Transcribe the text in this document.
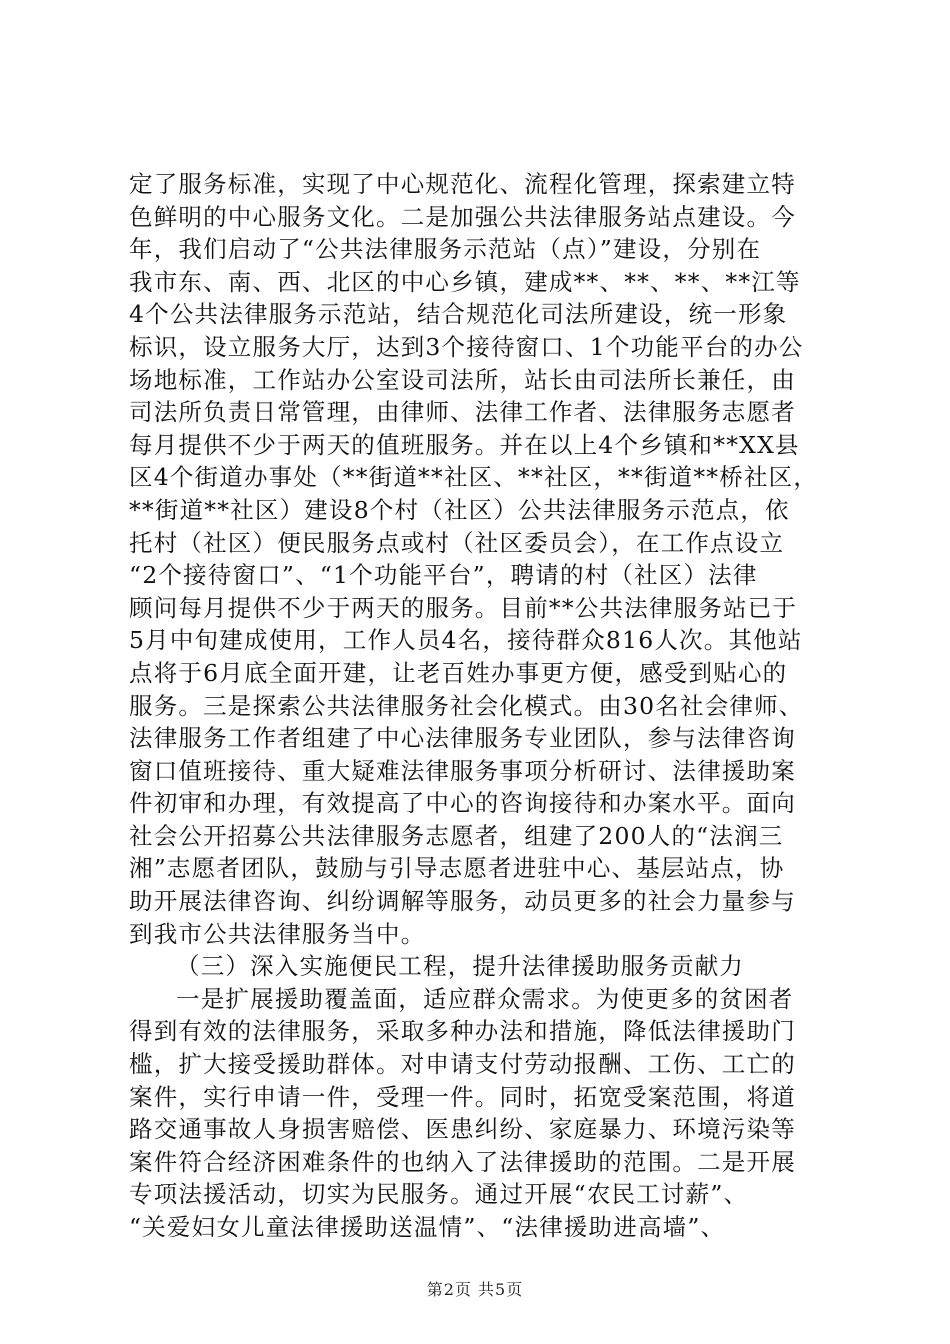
定了服务标准，实现了中心规范化、流程化管理，探索建立特
色鲜明的中心服务文化。二是加强公共法律服务站点建设。今
年，我们启动了“公共法律服务示范站（点）”建设，分别在
我市东、南、西、北区的中心乡镇，建成**、**、**、**江等
4个公共法律服务示范站，结合规范化司法所建设，统一形象
标识，设立服务大厅，达到3个接待窗口、1个功能平台的办公
场地标准，工作站办公室设司法所，站长由司法所长兼任，由
司法所负责日常管理，由律师、法律工作者、法律服务志愿者
每月提供不少于两天的值班服务。并在以上4个乡镇和**XX县
区4个街道办事处（**街道**社区、**社区，**街道**桥社区，
**街道**社区）建设8个村（社区）公共法律服务示范点，依
托村（社区）便民服务点或村（社区委员会），在工作点设立
“2个接待窗口”、“1个功能平台”，聘请的村（社区）法律
顾问每月提供不少于两天的服务。目前**公共法律服务站已于
5月中旬建成使用，工作人员4名，接待群众816人次。其他站
点将于6月底全面开建，让老百姓办事更方便，感受到贴心的
服务。三是探索公共法律服务社会化模式。由30名社会律师、
法律服务工作者组建了中心法律服务专业团队，参与法律咨询
窗口值班接待、重大疑难法律服务事项分析研讨、法律援助案
件初审和办理，有效提高了中心的咨询接待和办案水平。面向
社会公开招募公共法律服务志愿者，组建了200人的“法润三
湘”志愿者团队，鼓励与引导志愿者进驻中心、基层站点，协
助开展法律咨询、纠纷调解等服务，动员更多的社会力量参与
到我市公共法律服务当中。
（三）深入实施便民工程，提升法律援助服务贡献力
一是扩展援助覆盖面，适应群众需求。为使更多的贫困者
得到有效的法律服务，采取多种办法和措施，降低法律援助门
槛，扩大接受援助群体。对申请支付劳动报酬、工伤、工亡的
案件，实行申请一件，受理一件。同时，拓宽受案范围，将道
路交通事故人身损害赔偿、医患纠纷、家庭暴力、环境污染等
案件符合经济困难条件的也纳入了法律援助的范围。二是开展
专项法援活动，切实为民服务。通过开展“农民工讨薪”、
“关爱妇女儿童法律援助送温情”、“法律援助进高墙”、
第2页 共5页
